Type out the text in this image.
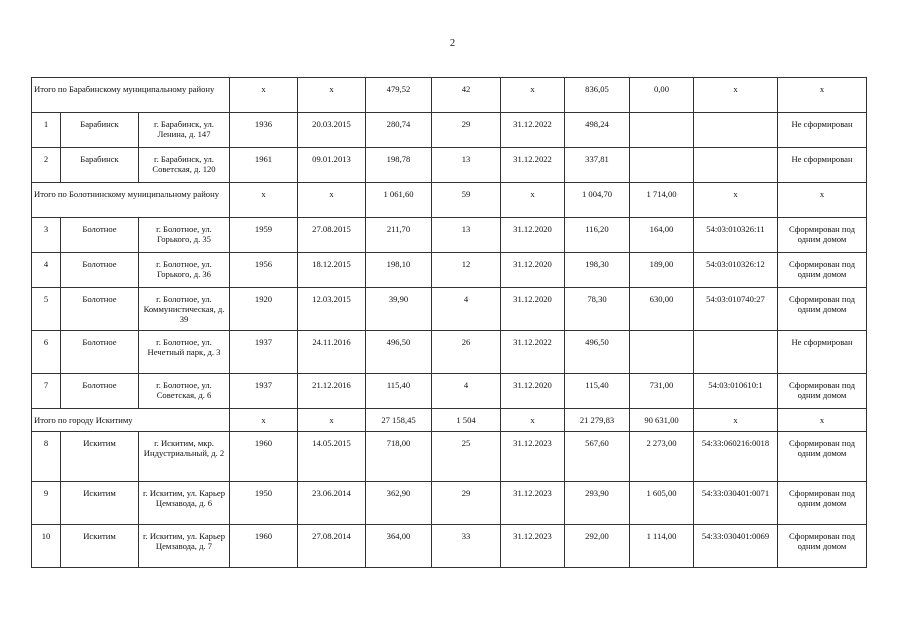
2
Итого по Барабинскому муниципальному району			х	х	479,52	42	х	836,05	0,00	х	х
1	Барабинск	г. Барабинск, ул. Ленина, д. 147	1936	20.03.2015	280,74	29	31.12.2022	498,24			Не сформирован
2	Барабинск	г. Барабинск, ул. Советская, д. 120	1961	09.01.2013	198,78	13	31.12.2022	337,81			Не сформирован
Итого по Болотнинскому муниципальному району			х	х	1 061,60	59	х	1 004,70	1 714,00	х	х
3	Болотное	г. Болотное, ул. Горького, д. 35	1959	27.08.2015	211,70	13	31.12.2020	116,20	164,00	54:03:010326:11	Сформирован под одним домом
4	Болотное	г. Болотное, ул. Горького, д. 36	1956	18.12.2015	198,10	12	31.12.2020	198,30	189,00	54:03:010326:12	Сформирован под одним домом
5	Болотное	г. Болотное, ул. Коммунистическая, д. 39	1920	12.03.2015	39,90	4	31.12.2020	78,30	630,00	54:03:010740:27	Сформирован под одним домом
6	Болотное	г. Болотное, ул. Нечетный парк, д. 3	1937	24.11.2016	496,50	26	31.12.2022	496,50			Не сформирован
7	Болотное	г. Болотное, ул. Советская, д. 6	1937	21.12.2016	115,40	4	31.12.2020	115,40	731,00	54:03:010610:1	Сформирован под одним домом
Итого по городу Искитиму			х	х	27 158,45	1 504	х	21 279,83	90 631,00	х	х
8	Искитим	г. Искитим, мкр. Индустриальный, д. 2	1960	14.05.2015	718,00	25	31.12.2023	567,60	2 273,00	54:33:060216:0018	Сформирован под одним домом
9	Искитим	г. Искитим, ул. Карьер Цемзавода, д. 6	1950	23.06.2014	362,90	29	31.12.2023	293,90	1 605,00	54:33:030401:0071	Сформирован под одним домом
10	Искитим	г. Искитим, ул. Карьер Цемзавода, д. 7	1960	27.08.2014	364,00	33	31.12.2023	292,00	1 114,00	54:33:030401:0069	Сформирован под одним домом
